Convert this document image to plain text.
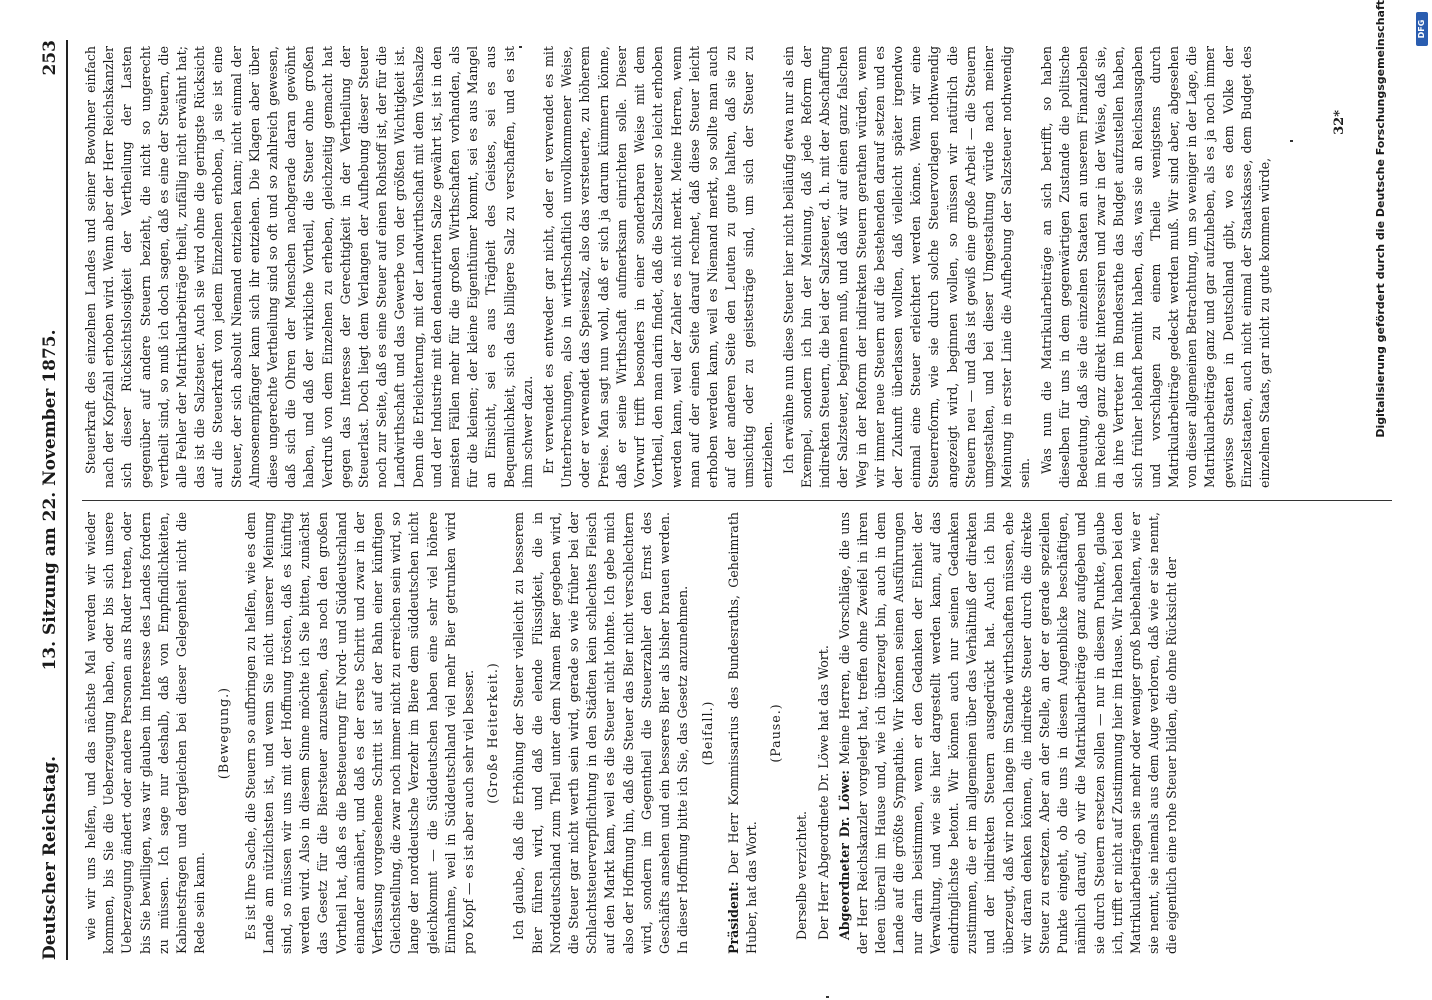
Deutscher Reichstag.
13. Sitzung am 22. November 1875.
253

wie wir uns helfen, und das nächste Mal werden wir wieder kommen, bis Sie die Ueberzeugung haben, oder bis sich unsere Ueberzeugung ändert oder andere Personen ans Ruder treten, oder bis Sie bewilligen, was wir glauben im Interesse des Landes fordern zu müssen. Ich sage nur deshalb, daß von Empfindlichkeiten, Kabinetsfragen und dergleichen bei dieser Gelegenheit nicht die Rede sein kann.

(Bewegung.) Es ist Ihre Sache, die Steuern so aufbringen zu helfen, wie es dem Lande am nützlichsten ist, und wenn Sie nicht unserer Meinung sind, so müssen wir uns mit der Hoffnung trösten, daß es künftig werden wird. Also in diesem Sinne möchte ich Sie bitten, zunächst das Gesetz für die Biersteuer anzusehen, das noch den großen Vortheil hat, daß es die Besteuerung für Nord- und Süddeutschland einander annähert, und daß es der erste Schritt und zwar in der Verfassung vorgesehene Schritt ist auf der Bahn einer künftigen Gleichstellung, die zwar noch immer nicht zu erreichen sein wird, so lange der norddeutsche Verzehr im Biere dem süddeutschen nicht gleichkommt — die Süddeutschen haben eine sehr viel höhere Einnahme, weil in Süddeutschland viel mehr Bier getrunken wird pro Kopf — es ist aber auch sehr viel besser. (Große Heiterkeit.) Ich glaube, daß die Erhöhung der Steuer vielleicht zu besserem Bier führen wird, und daß die elende Flüssigkeit, die in Norddeutschland zum Theil unter dem Namen Bier gegeben wird, die Steuer gar nicht werth sein wird, gerade so wie früher bei der Schlachtsteuerverpflichtung in den Städten kein schlechtes Fleisch auf den Markt kam, weil es die Steuer nicht lohnte. Ich gebe mich also der Hoffnung hin, daß die Steuer das Bier nicht verschlechtern wird, sondern im Gegentheil die Steuerzahler den Ernst des Geschäfts ansehen und ein besseres Bier als bisher brauen werden. In dieser Hoffnung bitte ich Sie, das Gesetz anzunehmen. (Beifall.)

Präsident: Der Herr Kommissarius des Bundesraths, Geheimrath Huber, hat das Wort.

(Pause.)

Derselbe verzichtet. Der Herr Abgeordnete Dr. Löwe hat das Wort. Abgeordneter Dr. Löwe: Meine Herren, die Vorschläge, die uns der Herr Reichskanzler vorgelegt hat, treffen ohne Zweifel in ihren Ideen überall im Hause und, wie ich überzeugt bin, auch in dem Lande auf die größte Sympathie. Wir können seinen Ausführungen nur darin beistimmen, wenn er den Gedanken der Einheit der Verwaltung, und wie sie hier dargestellt werden kann, auf das eindringlichste betont. Wir können auch nur seinen Gedanken zustimmen, die er im allgemeinen über das Verhältniß der direkten und der indirekten Steuern ausgedrückt hat. Auch ich bin überzeugt, daß wir noch lange im Stande wirthschaften müssen, ehe wir daran denken können, die indirekte Steuer durch die direkte Steuer zu ersetzen. Aber an der Stelle, an der er gerade speziellen Punkte eingeht, ob die uns in diesem Augenblicke beschäftigen, nämlich darauf, ob wir die Matrikularbeiträge ganz aufgeben und sie durch Steuern ersetzen sollen — nur in diesem Punkte, glaube ich, trifft er nicht auf Zustimmung hier im Hause. Wir haben bei den Matrikularbeiträgen sie mehr oder weniger groß beibehalten, wie er sie nennt, sie niemals aus dem Auge verloren, daß wie er sie nennt, die eigentlich eine rohe Steuer bilden, die ohne Rücksicht der

Steuerkraft des einzelnen Landes und seiner Bewohner einfach nach der Kopfzahl erhoben wird. Wenn aber der Herr Reichskanzler sich dieser Rücksichtslosigkeit der Vertheilung der Lasten gegenüber auf andere Steuern bezieht, die nicht so ungerecht vertheilt sind, so muß ich doch sagen, daß es eine der Steuern, die alle Fehler der Matrikularbeiträge theilt, zufällig nicht erwähnt hat; das ist die Salzsteuer. Auch sie wird ohne die geringste Rücksicht auf die Steuerkraft von jedem Einzelnen erhoben, ja sie ist eine Steuer, der sich absolut Niemand entziehen kann; nicht einmal der Almosenempfänger kann sich ihr entziehen. Die Klagen aber über diese ungerechte Vertheilung sind so oft und so zahlreich gewesen, daß sich die Ohren der Menschen nachgerade daran gewöhnt haben, und daß der wirkliche Vortheil, die Steuer ohne großen Verdruß von dem Einzelnen zu erheben, gleichzeitig gemacht hat gegen das Interesse der Gerechtigkeit in der Vertheilung der Steuerlast. Doch liegt dem Verlangen der Aufhebung dieser Steuer noch zur Seite, daß es eine Steuer auf einen Rohstoff ist, der für die Landwirthschaft und das Gewerbe von der größten Wichtigkeit ist. Denn die Erleichterung, mit der Landwirthschaft mit dem Viehsalze und der Industrie mit den denaturirten Salze gewährt ist, ist in den meisten Fällen mehr für die großen Wirthschaften vorhanden, als für die kleinen; der kleine Eigenthümer kommt, sei es aus Mangel an Einsicht, sei es aus Trägheit des Geistes, sei es aus Bequemlichkeit, sich das billigere Salz zu verschaffen, und es ist ihm schwer dazu. Er verwendet es entweder gar nicht, oder er verwendet es mit Unterbrechungen, also in wirthschaftlich unvollkommener Weise, oder er verwendet das Speisesalz, also das versteuerte, zu höherem Preise. Man sagt nun wohl, daß er sich ja darum kümmern könne, daß er seine Wirthschaft aufmerksam einrichten solle. Dieser Vorwurf trifft besonders in einer sonderbaren Weise mit dem Vortheil, den man darin findet, daß die Salzsteuer so leicht erhoben werden kann, weil der Zahler es nicht merkt. Meine Herren, wenn man auf der einen Seite darauf rechnet, daß diese Steuer leicht erhoben werden kann, weil es Niemand merkt, so sollte man auch auf der anderen Seite den Leuten zu gute halten, daß sie zu umsichtig oder zu geistesträge sind, um sich der Steuer zu entziehen. Ich erwähne nun diese Steuer hier nicht beiläufig etwa nur als ein Exempel, sondern ich bin der Meinung, daß jede Reform der indirekten Steuern, die bei der Salzsteuer, d. h. mit der Abschaffung der Salzsteuer, beginnen muß, und daß wir auf einen ganz falschen Weg in der Reform der indirekten Steuern gerathen würden, wenn wir immer neue Steuern auf die bestehenden darauf setzen und es der Zukunft überlassen wollten, daß vielleicht später irgendwo einmal eine Steuer erleichtert werden könne. Wenn wir eine Steuerreform, wie sie durch solche Steuervorlagen nothwendig angezeigt wird, beginnen wollen, so müssen wir natürlich die Steuern neu — und das ist gewiß eine große Arbeit — die Steuern umgestalten, und bei dieser Umgestaltung würde nach meiner Meinung in erster Linie die Aufhebung der Salzsteuer nothwendig sein. Was nun die Matrikularbeiträge an sich betrifft, so haben dieselben für uns in dem gegenwärtigen Zustande die politische Bedeutung, daß sie die einzelnen Staaten an unserem Finanzleben im Reiche ganz direkt interessiren und zwar in der Weise, daß sie, da ihre Vertreter im Bundesrathe das Budget aufzustellen haben, sich früher lebhaft bemüht haben, das, was sie an Reichsausgaben und vorschlagen zu einem Theile wenigstens durch Matrikularbeiträge gedeckt werden muß. Wir sind aber, abgesehen von dieser allgemeinen Betrachtung, um so weniger in der Lage, die Matrikularbeiträge ganz und gar aufzuheben, als es ja noch immer gewisse Staaten in Deutschland gibt, wo es dem Volke der Einzelstaaten, auch nicht einmal der Staatskasse, dem Budget des einzelnen Staats, gar nicht zu gute kommen würde,

32* Digitalisierung gefördert durch die Deutsche Forschungsgemeinschaft	DFG
